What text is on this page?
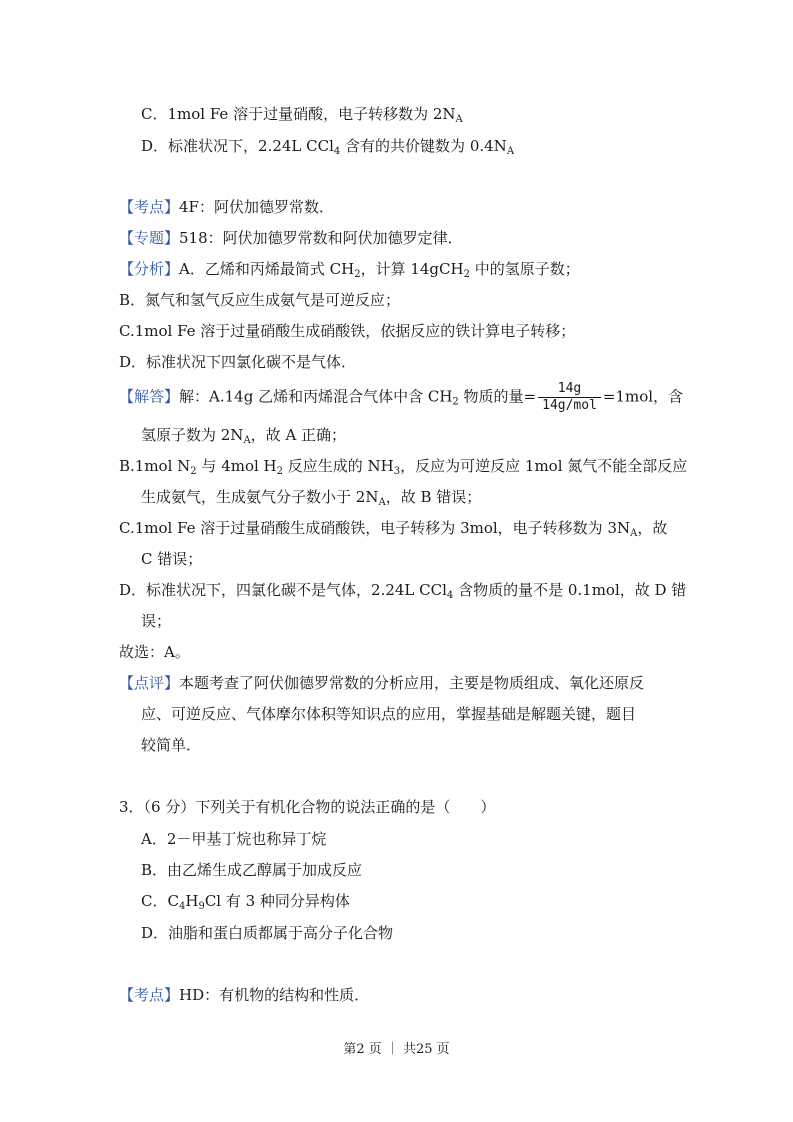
C．1mol Fe 溶于过量硝酸，电子转移数为 $2N_A$
D．标准状况下，2.24L CCl$_4$ 含有的共价键数为 $0.4N_A$
【考点】4F：阿伏加德罗常数．
【专题】518：阿伏加德罗常数和阿伏加德罗定律．
【分析】A．乙烯和丙烯最简式 $CH_2$，计算 14gCH$_2$ 中的氢原子数；
B．氮气和氢气反应生成氨气是可逆反应；
C.1mol Fe 溶于过量硝酸生成硝酸铁，依据反应的铁计算电子转移；
D．标准状况下四氯化碳不是气体．
【解答】解：A.14g 乙烯和丙烯混合气体中含 $CH_2$ 物质的量= $\frac{14g}{\text{14g/mol}} =1mol$，含
氢原子数为 $2N_A$，故 A 正确；
B.1mol $N_2$ 与 4mol $H_2$ 反应生成的 $NH_3$，反应为可逆反应 1mol 氮气不能全部反应
生成氨气，生成氨气分子数小于 $2N_A$，故 B 错误；
C.1mol Fe 溶于过量硝酸生成硝酸铁，电子转移为 3mol，电子转移数为 $3N_A$，故
C 错误；
D．标准状况下，四氯化碳不是气体，2.24L CCl$_4$ 含物质的量不是 0.1mol，故 D 错
误；
故选：A。
【点评】本题考查了阿伏伽德罗常数的分析应用，主要是物质组成、氧化还原反
应、可逆反应、气体摩尔体积等知识点的应用，掌握基础是解题关键，题目
较简单．
3．（6 分）下列关于有机化合物的说法正确的是（　　）
A．2－甲基丁烷也称异丁烷
B．由乙烯生成乙醇属于加成反应
C．$C_4H_9Cl$ 有 3 种同分异构体
D．油脂和蛋白质都属于高分子化合物
【考点】HD：有机物的结构和性质．
第2 页 ｜ 共25 页
